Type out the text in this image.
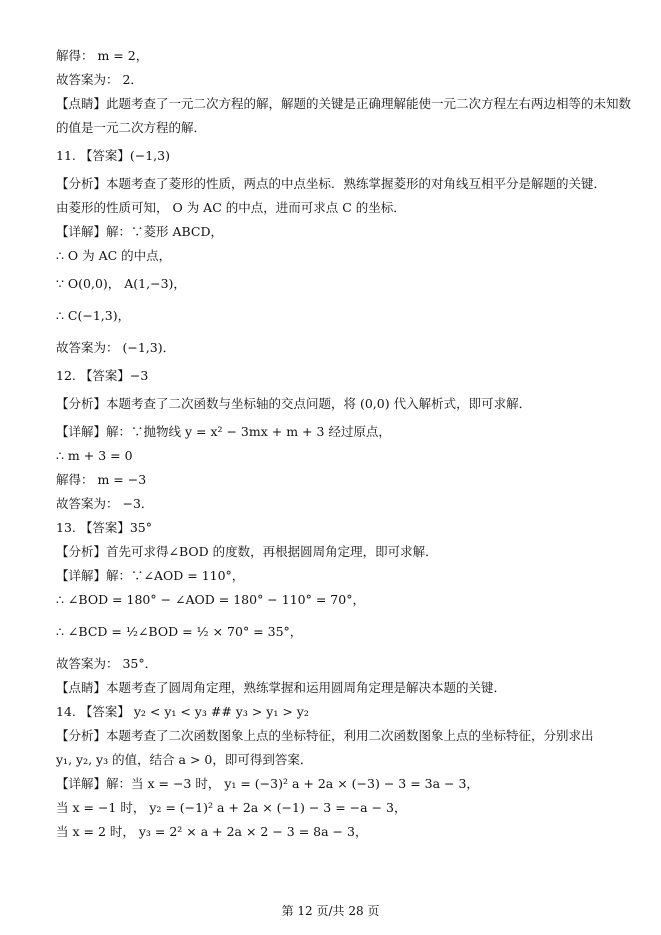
解得： m = 2，
故答案为： 2．
【点睛】此题考查了一元二次方程的解，解题的关键是正确理解能使一元二次方程左右两边相等的未知数
的值是一元二次方程的解．
11. 【答案】(−1,3)
【分析】本题考查了菱形的性质，两点的中点坐标．熟练掌握菱形的对角线互相平分是解题的关键．
由菱形的性质可知， O 为 AC 的中点，进而可求点 C 的坐标．
【详解】解：∵菱形 ABCD，
∴ O 为 AC 的中点，
∵ O(0,0)， A(1,−3)，
∴ C(−1,3)，
故答案为： (−1,3)．
12. 【答案】−3
【分析】本题考查了二次函数与坐标轴的交点问题，将 (0,0) 代入解析式，即可求解．
【详解】解：∵抛物线 y = x² − 3mx + m + 3 经过原点，
∴ m + 3 = 0
解得： m = −3
故答案为： −3．
13. 【答案】35°
【分析】首先可求得∠BOD 的度数，再根据圆周角定理，即可求解．
【详解】解：∵∠AOD = 110°，
∴ ∠BOD = 180° − ∠AOD = 180° − 110° = 70°，
∴ ∠BCD = ½∠BOD = ½ × 70° = 35°，
故答案为： 35°．
【点睛】本题考查了圆周角定理，熟练掌握和运用圆周角定理是解决本题的关键．
14. 【答案】 y₂ < y₁ < y₃ ## y₃ > y₁ > y₂
【分析】本题考查了二次函数图象上点的坐标特征，利用二次函数图象上点的坐标特征，分别求出
y₁, y₂, y₃ 的值，结合 a > 0，即可得到答案．
【详解】解：当 x = −3 时， y₁ = (−3)² a + 2a × (−3) − 3 = 3a − 3，
当 x = −1 时， y₂ = (−1)² a + 2a × (−1) − 3 = −a − 3，
当 x = 2 时， y₃ = 2² × a + 2a × 2 − 3 = 8a − 3，
第 12 页/共 28 页
